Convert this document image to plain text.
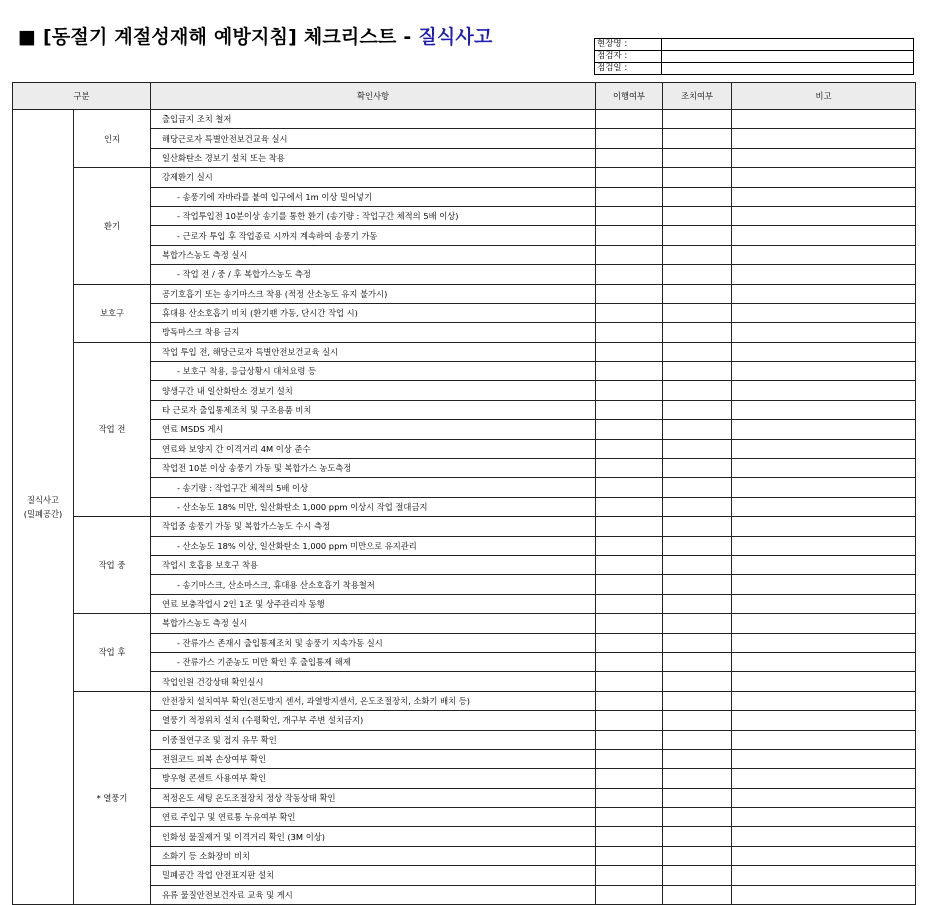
■ [동절기 계절성재해 예방지침] 체크리스트 - 질식사고	현장명 :	
점검자 :	
점검일 :	
구분		확인사항	이행여부	조치여부	비고

질식사고
(밀폐공간)	인지	출입금지 조치 철저			
		해당근로자 특별안전보건교육 실시			
		일산화탄소 경보기 설치 또는 착용			
	환기	강제환기 실시			
		- 송풍기에 자바라를 붙여 입구에서 1m 이상 밀어넣기			
		- 작업투입전 10분이상 송기를 통한 환기 (송기량 : 작업구간 체적의 5배 이상)			
		- 근로자 투입 후 작업종료 시까지 계속하여 송풍기 가동			
		복합가스농도 측정 실시			
		- 작업 전 / 중 / 후 복합가스농도 측정			
	보호구	공기호흡기 또는 송기마스크 착용 (적정 산소농도 유지 불가시)			
		휴대용 산소호흡기 비치 (환기팬 가동, 단시간 작업 시)			
		방독마스크 착용 금지			
	작업 전	작업 투입 전, 해당근로자 특별안전보건교육 실시			
		- 보호구 착용, 응급상황시 대처요령 등			
		양생구간 내 일산화탄소 경보기 설치			
		타 근로자 출입통제조치 및 구조용품 비치			
		연료 MSDS 게시			
		연료와 보양지 간 이격거리 4M 이상 준수			
		작업전 10분 이상 송풍기 가동 및 복합가스 농도측정			
		- 송기량 : 작업구간 체적의 5배 이상			
		- 산소농도 18% 미만, 일산화탄소 1,000 ppm 이상시 작업 절대금지			
	작업 중	작업중 송풍기 가동 및 복합가스농도 수시 측정			
		- 산소농도 18% 이상, 일산화탄소 1,000 ppm 미만으로 유지관리			
		작업시 호흡용 보호구 착용			
		- 송기마스크, 산소마스크, 휴대용 산소호흡기 착용철저			
		연료 보충작업시 2인 1조 및 상주관리자 동행			
	작업 후	복합가스농도 측정 실시			
		- 잔류가스 존재시 출입통제조치 및 송풍기 지속가동 실시			
		- 잔류가스 기준농도 미만 확인 후 출입통제 해제			
		작업인원 건강상태 확인실시			
	* 열풍기	안전장치 설치여부 확인(전도방지 센서, 과열방지센서, 온도조절장치, 소화기 배치 등)			
		열풍기 적정위치 설치 (수평확인, 개구부 주변 설치금지)			
		이중절연구조 및 접지 유무 확인			
		전원코드 피복 손상여부 확인			
		방우형 콘센트 사용여부 확인			
		적정온도 세팅 온도조절장치 정상 작동상태 확인			
		연료 주입구 및 연료통 누유여부 확인			
		인화성 물질제거 및 이격거리 확인 (3M 이상)			
		소화기 등 소화장비 비치			
		밀폐공간 작업 안전표지판 설치			
		유류 물질안전보건자료 교육 및 게시			
